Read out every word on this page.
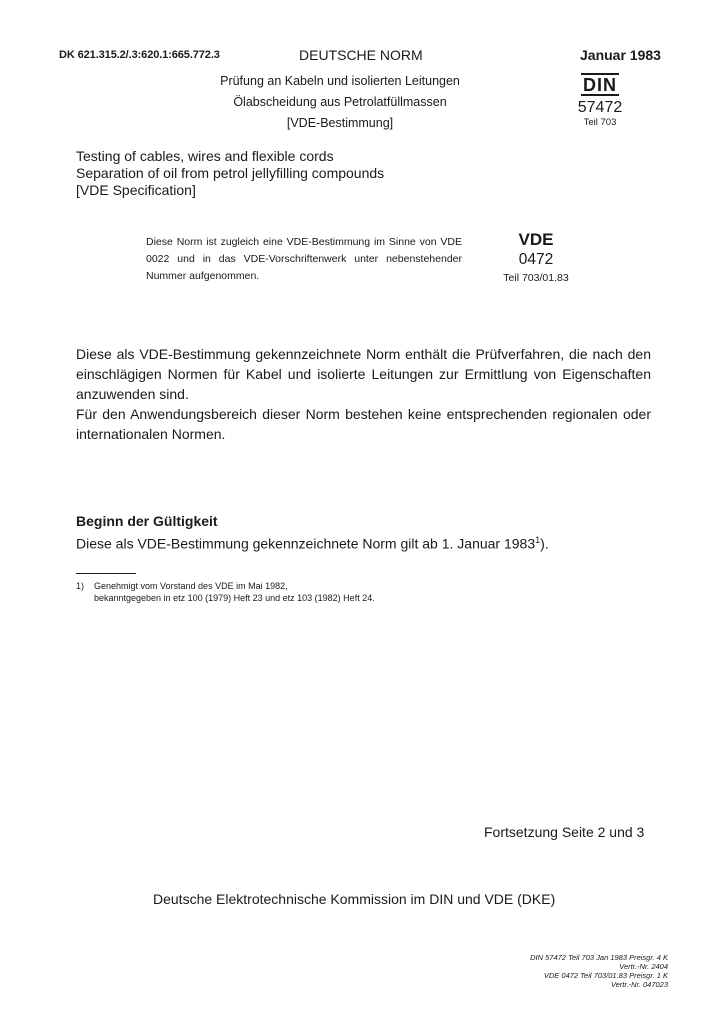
DK 621.315.2/.3:620.1:665.772.3	DEUTSCHE NORM	Januar 1983
Prüfung an Kabeln und isolierten Leitungen
Ölabscheidung aus Petrolatfüllmassen
[VDE-Bestimmung]
DIN
57472
Teil 703
Testing of cables, wires and flexible cords
Separation of oil from petrol jellyfilling compounds
[VDE Specification]
Diese Norm ist zugleich eine VDE-Bestimmung im Sinne von VDE 0022 und in das VDE-Vorschriftenwerk unter nebenstehender Nummer aufgenommen.
VDE
0472
Teil 703/01.83

Diese als VDE-Bestimmung gekennzeichnete Norm enthält die Prüfverfahren, die nach den einschlägigen Normen für Kabel und isolierte Leitungen zur Ermittlung von Eigenschaften anzuwenden sind.

Für den Anwendungsbereich dieser Norm bestehen keine entsprechenden regionalen oder internationalen Normen.

Beginn der Gültigkeit
Diese als VDE-Bestimmung gekennzeichnete Norm gilt ab 1. Januar 1983$^1$).
1) Genehmigt vom Vorstand des VDE im Mai 1982,
bekanntgegeben in etz 100 (1979) Heft 23 und etz 103 (1982) Heft 24.
Fortsetzung Seite 2 und 3
Deutsche Elektrotechnische Kommission im DIN und VDE (DKE)
DIN 57472 Teil 703 Jan 1983 Preisgr. 4 K
Vertr.-Nr. 2404
VDE 0472 Teil 703/01.83 Preisgr. 1 K
Vertr.-Nr. 047023
